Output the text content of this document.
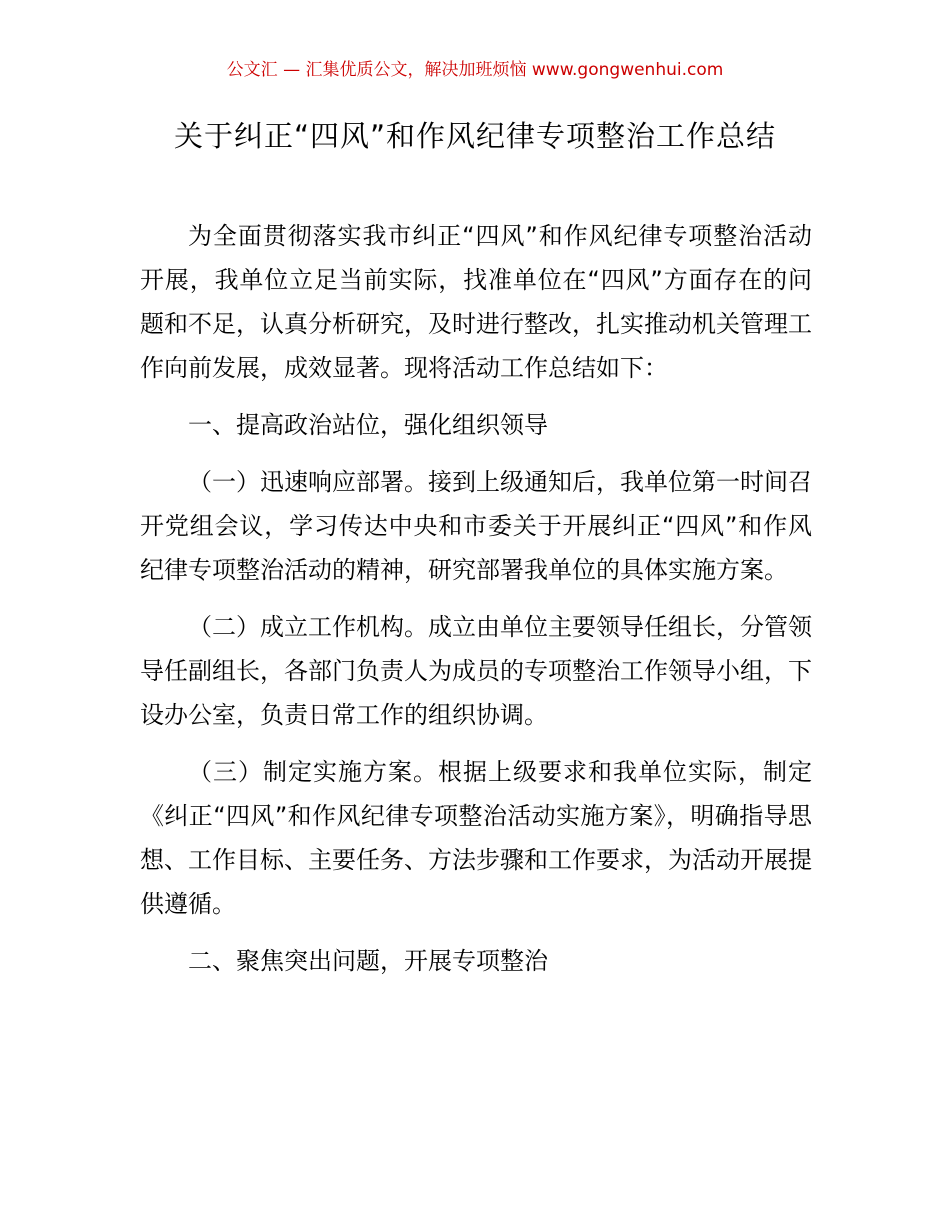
公文汇 — 汇集优质公文，解决加班烦恼 www.gongwenhui.com
关于纠正“四风”和作风纪律专项整治工作总结

为全面贯彻落实我市纠正“四风”和作风纪律专项整治活动开展，我单位立足当前实际，找准单位在“四风”方面存在的问题和不足，认真分析研究，及时进行整改，扎实推动机关管理工作向前发展，成效显著。现将活动工作总结如下：

一、提高政治站位，强化组织领导

（一）迅速响应部署。接到上级通知后，我单位第一时间召开党组会议，学习传达中央和市委关于开展纠正“四风”和作风纪律专项整治活动的精神，研究部署我单位的具体实施方案。

（二）成立工作机构。成立由单位主要领导任组长，分管领导任副组长，各部门负责人为成员的专项整治工作领导小组，下设办公室，负责日常工作的组织协调。

（三）制定实施方案。根据上级要求和我单位实际，制定《纠正“四风”和作风纪律专项整治活动实施方案》，明确指导思想、工作目标、主要任务、方法步骤和工作要求，为活动开展提供遵循。

二、聚焦突出问题，开展专项整治
